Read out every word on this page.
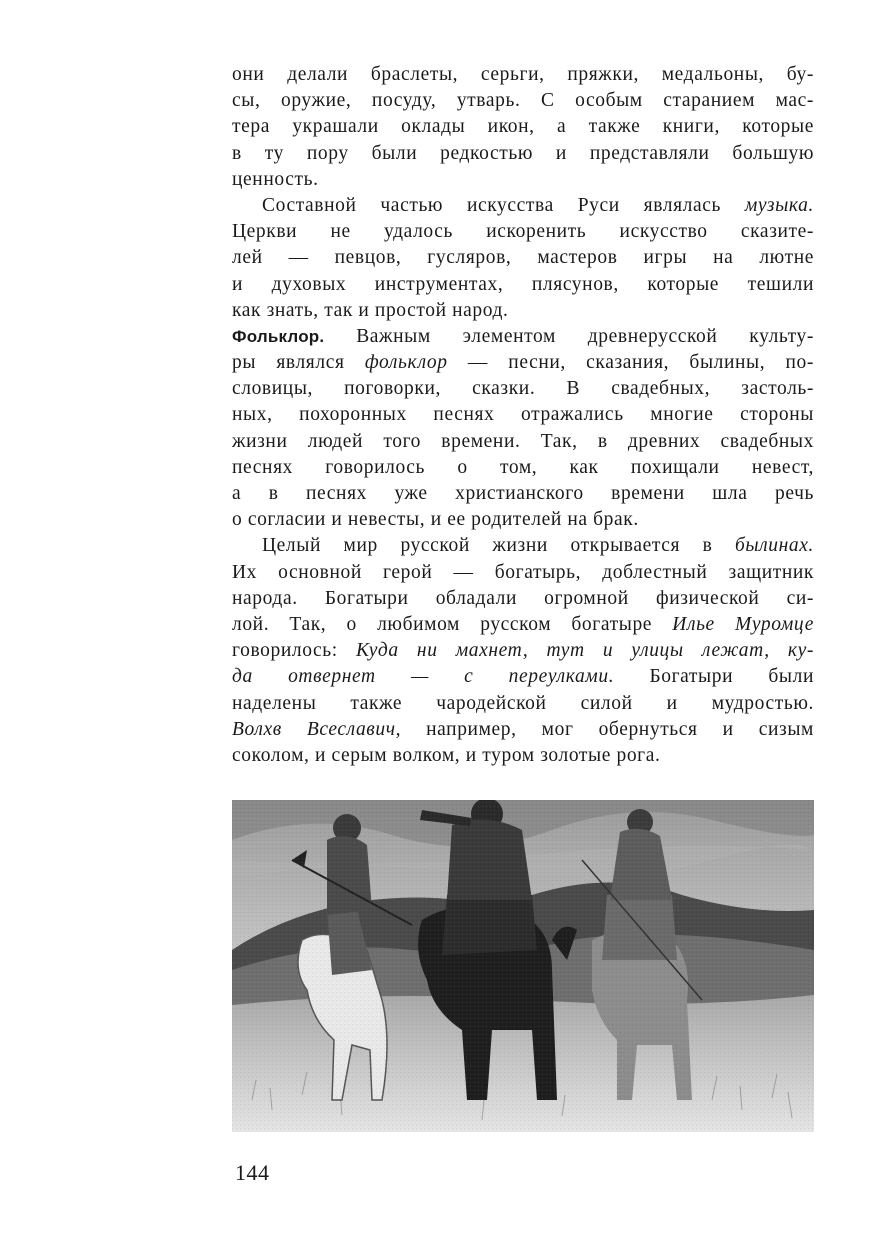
они делали браслеты, серьги, пряжки, медальоны, бу-
сы, оружие, посуду, утварь. С особым старанием мас-
тера украшали оклады икон, а также книги, которые
в ту пору были редкостью и представляли большую
ценность.
Составной частью искусства Руси являлась музыка.
Церкви не удалось искоренить искусство сказите-
лей — певцов, гусляров, мастеров игры на лютне
и духовых инструментах, плясунов, которые тешили
как знать, так и простой народ.
Фольклор. Важным элементом древнерусской культу-
ры являлся фольклор — песни, сказания, былины, по-
словицы, поговорки, сказки. В свадебных, застоль-
ных, похоронных песнях отражались многие стороны
жизни людей того времени. Так, в древних свадебных
песнях говорилось о том, как похищали невест,
а в песнях уже христианского времени шла речь
о согласии и невесты, и ее родителей на брак.
Целый мир русской жизни открывается в былинах.
Их основной герой — богатырь, доблестный защитник
народа. Богатыри обладали огромной физической си-
лой. Так, о любимом русском богатыре Илье Муромце
говорилось: Куда ни махнет, тут и улицы лежат, ку-
да отвернет — с переулками. Богатыри были
наделены также чародейской силой и мудростью.
Волхв Всеславич, например, мог обернуться и сизым
соколом, и серым волком, и туром золотые рога.
144
